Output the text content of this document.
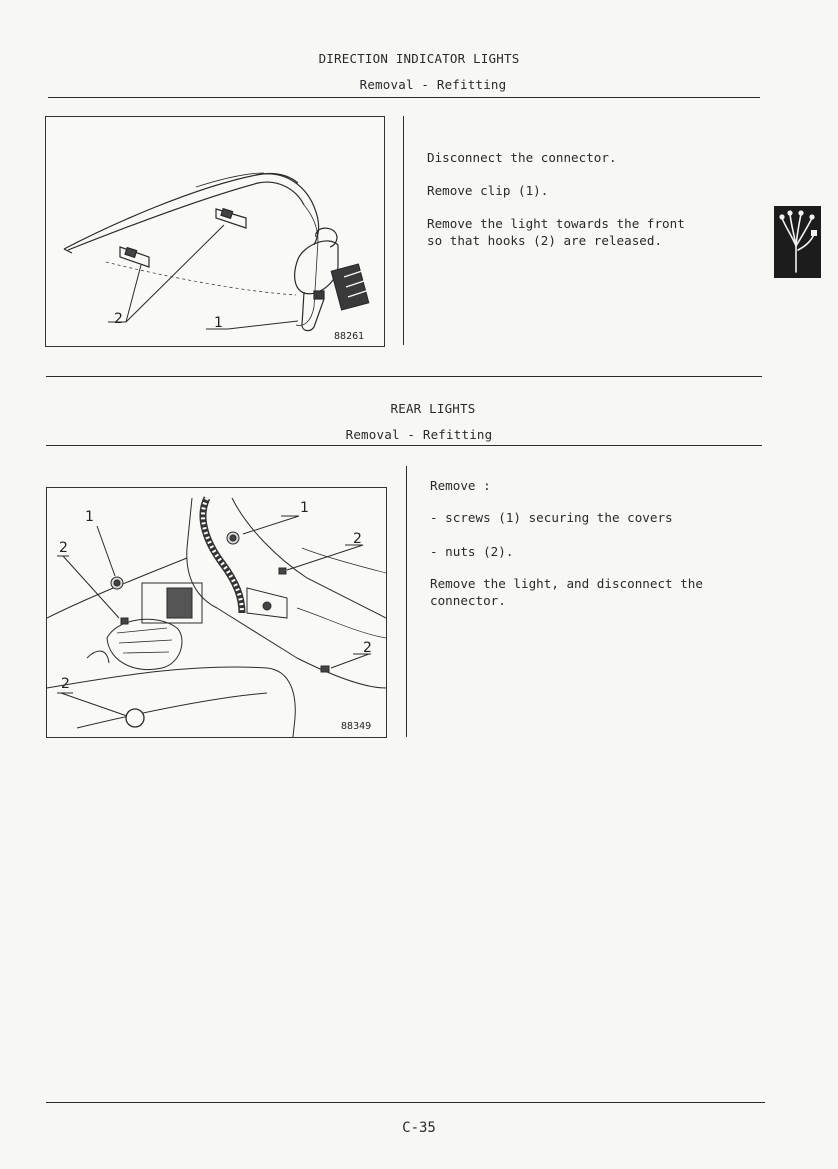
DIRECTION INDICATOR LIGHTS
Removal - Refitting
2	1
88261
Disconnect the connector.
Remove clip (1).
Remove the light towards the front
so that hooks (2) are released.
REAR LIGHTS
Removal - Refitting
1
1
2
2
2
2
88349
Remove :
- screws (1) securing the covers
- nuts (2).
Remove the light, and disconnect the
connector.
C-35
